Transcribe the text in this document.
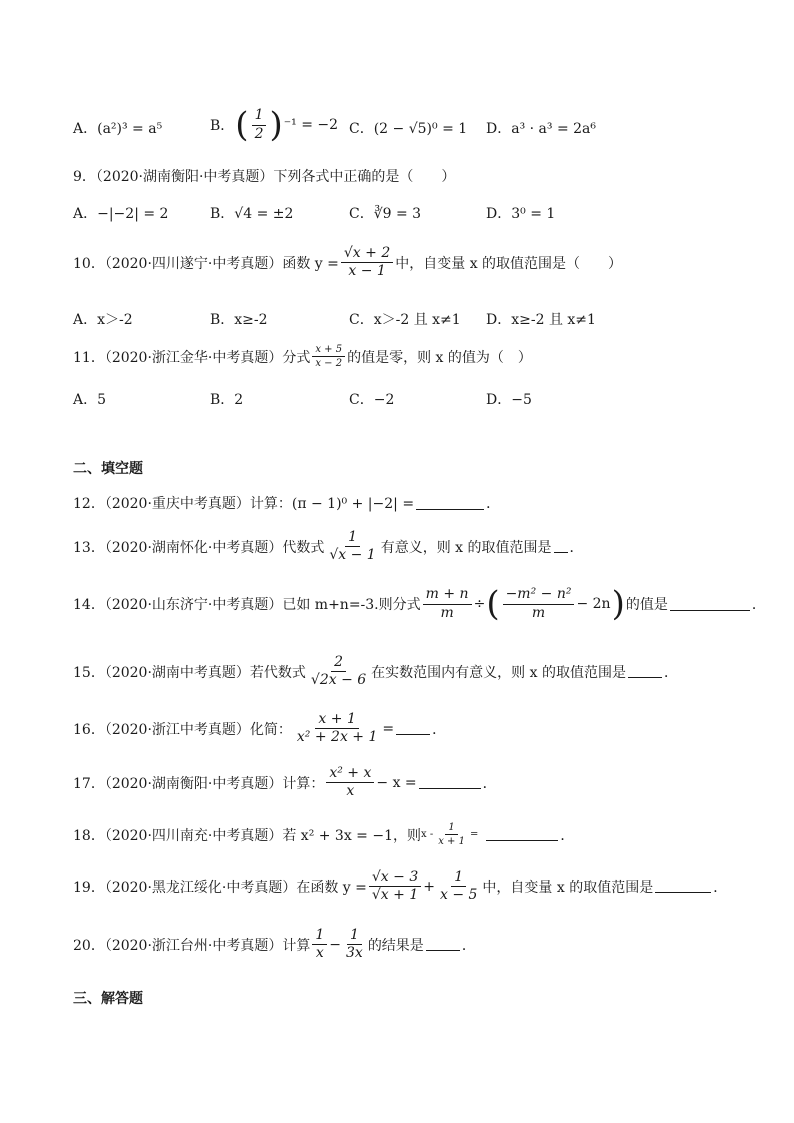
A．(a²)³ = a⁵	B． ( $\frac{1}{2}$ ) ⁻¹ = −2 C．(2 − √5)⁰ = 1 D．a³ · a³ = 2a⁶
9．（2020·湖南衡阳·中考真题）下列各式中正确的是（　　）
A．−|−2| = 2	B．√4 = ±2	C．∛9 = 3	D．3⁰ = 1
10．（2020·四川遂宁·中考真题）函数 $y = \frac{√x + 2}{x - 1}$ 中，自变量 x 的取值范围是（　　）
A．x＞-2	B．x≥-2	C．x＞-2 且 x≠1 D．x≥-2 且 x≠1
11．（2020·浙江金华·中考真题）分式 $\frac{x + 5}{x - 2}$ 的值是零，则 x 的值为（　）
A．5	B．2	C．−2	D．−5
二、填空题
12．（2020·重庆中考真题）计算：(π − 1)⁰ + |−2| =	．
13．（2020·湖南怀化·中考真题）代数式 $\frac{1}{√x - 1}$ 有意义，则 x 的取值范围是 ．
14．（2020·山东济宁·中考真题）已如 m+n=-3.则分式 $\frac{m + n}{m}$ ÷ ( $\frac{\text{−m² − n²}}{m} - 2n$ ) 的值是	．
15．（2020·湖南中考真题）若代数式 $\frac{2}{√2x - 6}$ 在实数范围内有意义，则 x 的取值范围是	．
16．（2020·浙江中考真题）化简： $\frac{x + 1}{\text{x² + 2x + 1}}$ =	．
17．（2020·湖南衡阳·中考真题）计算： $\frac{\text{x² + x}}{x} - x$ =	．
18．（2020·四川南充·中考真题）若 x² + 3x = −1，则 x - $\frac{1}{x + 1}$ =	．
19．（2020·黑龙江绥化·中考真题）在函数 $y = \frac{√x - 3}{√x + 1} + \frac{1}{x - 5}$ 中，自变量 x 的取值范围是	．
20．（2020·浙江台州·中考真题）计算 $\frac{1}{x} - \frac{1}{3x}$ 的结果是	．
三、解答题
